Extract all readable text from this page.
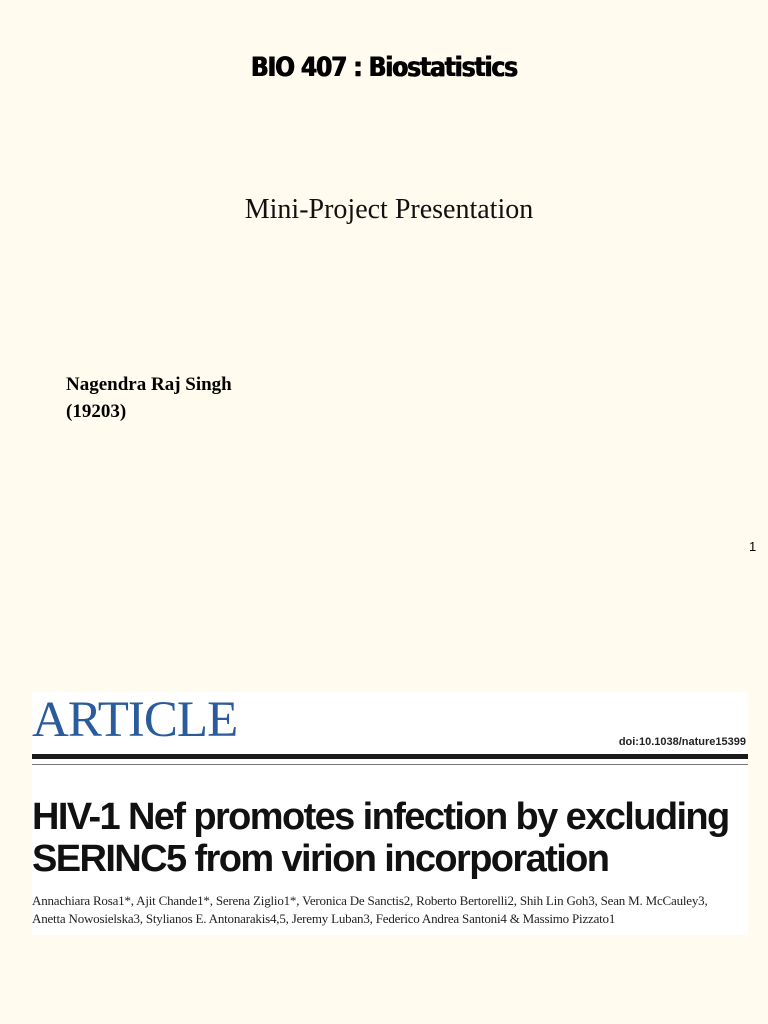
BIO 407 : Biostatistics
Mini-Project Presentation
Nagendra Raj Singh
(19203)
1
ARTICLE	doi:10.1038/nature15399
HIV-1 Nef promotes infection by excluding
SERINC5 from virion incorporation
Annachiara Rosa1*, Ajit Chande1*, Serena Ziglio1*, Veronica De Sanctis2, Roberto Bertorelli2, Shih Lin Goh3, Sean M. McCauley3,
Anetta Nowosielska3, Stylianos E. Antonarakis4,5, Jeremy Luban3, Federico Andrea Santoni4 & Massimo Pizzato1
